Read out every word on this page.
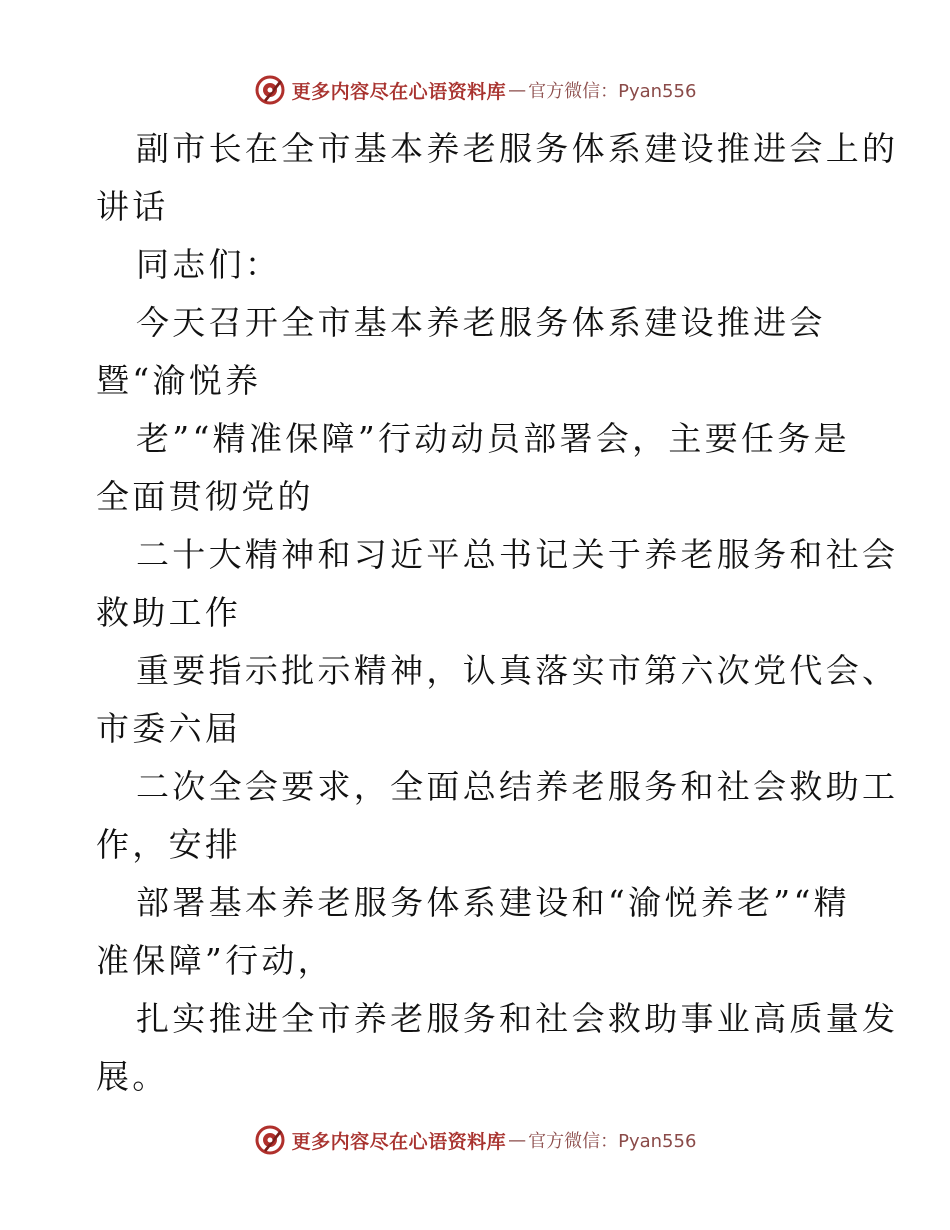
更多内容尽在心语资料库 — 官方微信：Pyan556
副市长在全市基本养老服务体系建设推进会上的
讲话
同志们：
今天召开全市基本养老服务体系建设推进会
暨“渝悦养
老”“精准保障”行动动员部署会，主要任务是
全面贯彻党的
二十大精神和习近平总书记关于养老服务和社会
救助工作
重要指示批示精神，认真落实市第六次党代会、
市委六届
二次全会要求，全面总结养老服务和社会救助工
作，安排
部署基本养老服务体系建设和“渝悦养老”“精
准保障”行动，
扎实推进全市养老服务和社会救助事业高质量发
展。
更多内容尽在心语资料库 — 官方微信：Pyan556
